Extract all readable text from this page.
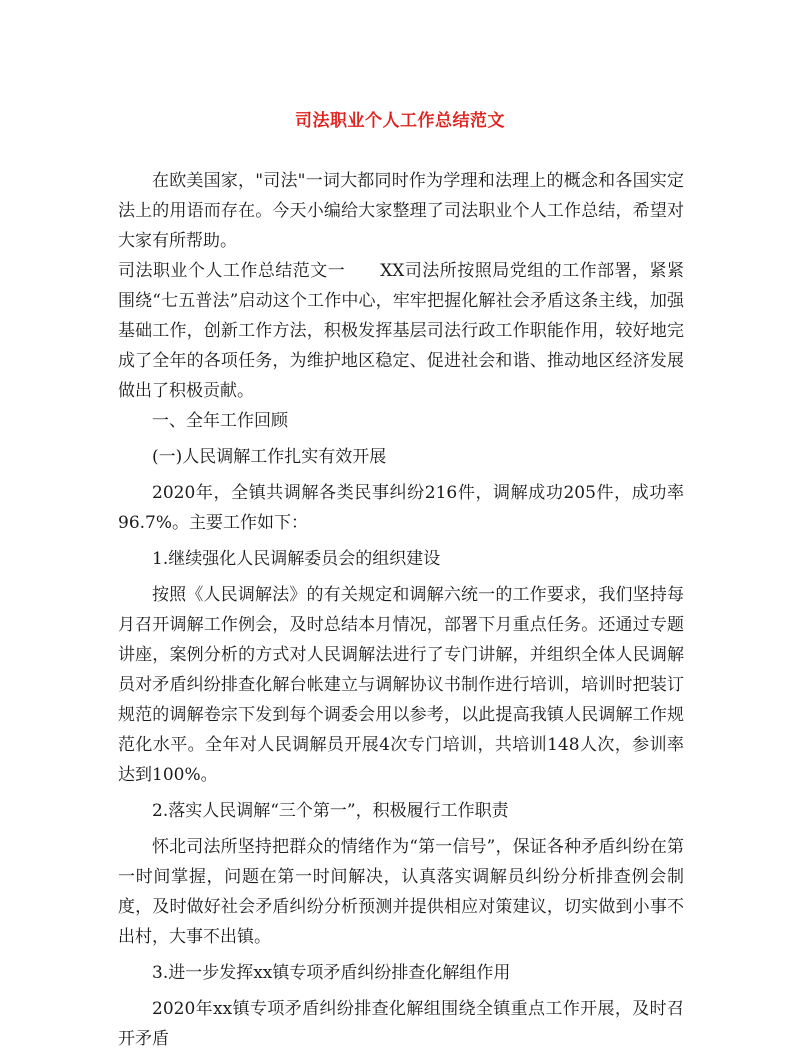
司法职业个人工作总结范文

在欧美国家，"司法"一词大都同时作为学理和法理上的概念和各国实定法上的用语而存在。今天小编给大家整理了司法职业个人工作总结，希望对大家有所帮助。

司法职业个人工作总结范文一　　XX司法所按照局党组的工作部署，紧紧围绕“七五普法”启动这个工作中心，牢牢把握化解社会矛盾这条主线，加强基础工作，创新工作方法，积极发挥基层司法行政工作职能作用，较好地完成了全年的各项任务，为维护地区稳定、促进社会和谐、推动地区经济发展做出了积极贡献。

一、全年工作回顾

(一)人民调解工作扎实有效开展

2020年，全镇共调解各类民事纠纷216件，调解成功205件，成功率96.7%。主要工作如下：

1.继续强化人民调解委员会的组织建设

按照《人民调解法》的有关规定和调解六统一的工作要求，我们坚持每月召开调解工作例会，及时总结本月情况，部署下月重点任务。还通过专题讲座，案例分析的方式对人民调解法进行了专门讲解，并组织全体人民调解员对矛盾纠纷排查化解台帐建立与调解协议书制作进行培训，培训时把装订规范的调解卷宗下发到每个调委会用以参考，以此提高我镇人民调解工作规范化水平。全年对人民调解员开展4次专门培训，共培训148人次，参训率达到100%。

2.落实人民调解“三个第一”，积极履行工作职责

怀北司法所坚持把群众的情绪作为“第一信号”，保证各种矛盾纠纷在第一时间掌握，问题在第一时间解决，认真落实调解员纠纷分析排查例会制度，及时做好社会矛盾纠纷分析预测并提供相应对策建议，切实做到小事不出村，大事不出镇。

3.进一步发挥xx镇专项矛盾纠纷排查化解组作用

2020年xx镇专项矛盾纠纷排查化解组围绕全镇重点工作开展，及时召开矛盾
